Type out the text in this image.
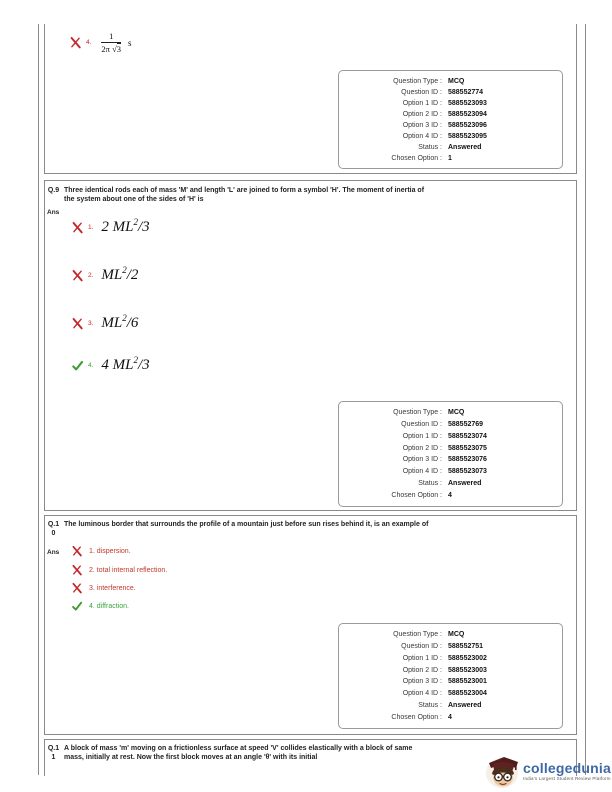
4. $\frac{1}{2\pi √3}$ s
Question Type : MCQ
Question ID : 588552774
Option 1 ID : 5885523093
Option 2 ID : 5885523094
Option 3 ID : 5885523096
Option 4 ID : 5885523095
Status : Answered
Chosen Option : 1
Q.9 Three identical rods each of mass 'M' and length 'L' are joined to form a symbol 'H'. The moment of inertia of the system about one of the sides of 'H' is
Ans
1. 2 $ML^2/3$
2. $ML^2/2$
3. $ML^2/6$
4. 4 $ML^2/3$
Question Type : MCQ
Question ID : 588552769
Option 1 ID : 5885523074
Option 2 ID : 5885523075
Option 3 ID : 5885523076
Option 4 ID : 5885523073
Status : Answered
Chosen Option : 4
Q.10
The luminous border that surrounds the profile of a mountain just before sun rises behind it, is an example of
Ans	1. dispersion.
2. total internal reflection.
3. interference.
4. diffraction.
Question Type : MCQ
Question ID : 588552751
Option 1 ID : 5885523002
Option 2 ID : 5885523003
Option 3 ID : 5885523001
Option 4 ID : 5885523004
Status : Answered
Chosen Option : 4
Q.11
A block of mass 'm' moving on a frictionless surface at speed 'V' collides elastically with a block of same mass, initially at rest. Now the first block moves at an angle 'θ' with its initial
collegedunia
India's Largest Student Review Platform
